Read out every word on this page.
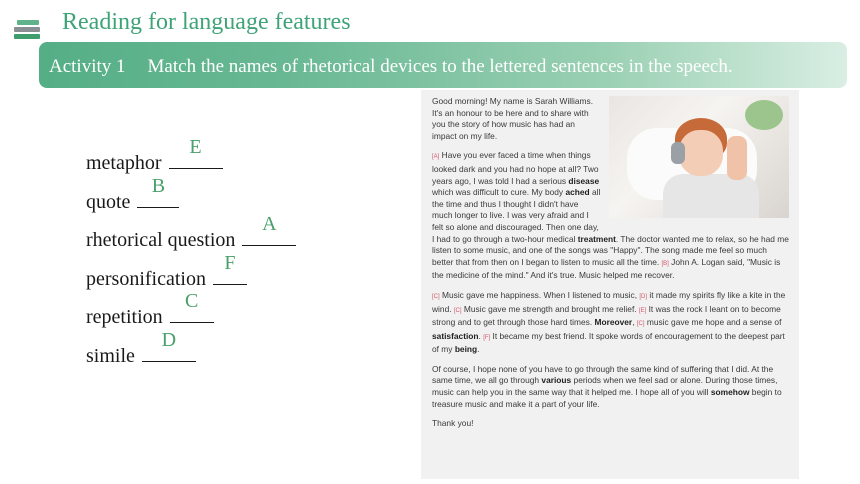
Reading for language features
Activity 1 Match the names of rhetorical devices to the lettered sentences in the speech.
metaphor
E
quote
B
rhetorical question
A
personification
F
repetition
C
simile
D

Good morning! My name is Sarah Williams. It's an honour to be here and to share with you the story of how music has had an impact on my life.

[A] Have you ever faced a time when things looked dark and you had no hope at all? Two years ago, I was told I had a serious disease which was difficult to cure. My body ached all the time and thus I thought I didn't have much longer to live. I was very afraid and I felt so alone and discouraged. Then one day, I had to go through a two-hour medical treatment. The doctor wanted me to relax, so he had me listen to some music, and one of the songs was "Happy". The song made me feel so much better that from then on I began to listen to music all the time. [B] John A. Logan said, "Music is the medicine of the mind." And it's true. Music helped me recover.

[C] Music gave me happiness. When I listened to music, [D] it made my spirits fly like a kite in the wind. [C] Music gave me strength and brought me relief. [E] It was the rock I leant on to become strong and to get through those hard times. Moreover, [C] music gave me hope and a sense of satisfaction. [F] It became my best friend. It spoke words of encouragement to the deepest part of my being.

Of course, I hope none of you have to go through the same kind of suffering that I did. At the same time, we all go through various periods when we feel sad or alone. During those times, music can help you in the same way that it helped me. I hope all of you will somehow begin to treasure music and make it a part of your life.

Thank you!
